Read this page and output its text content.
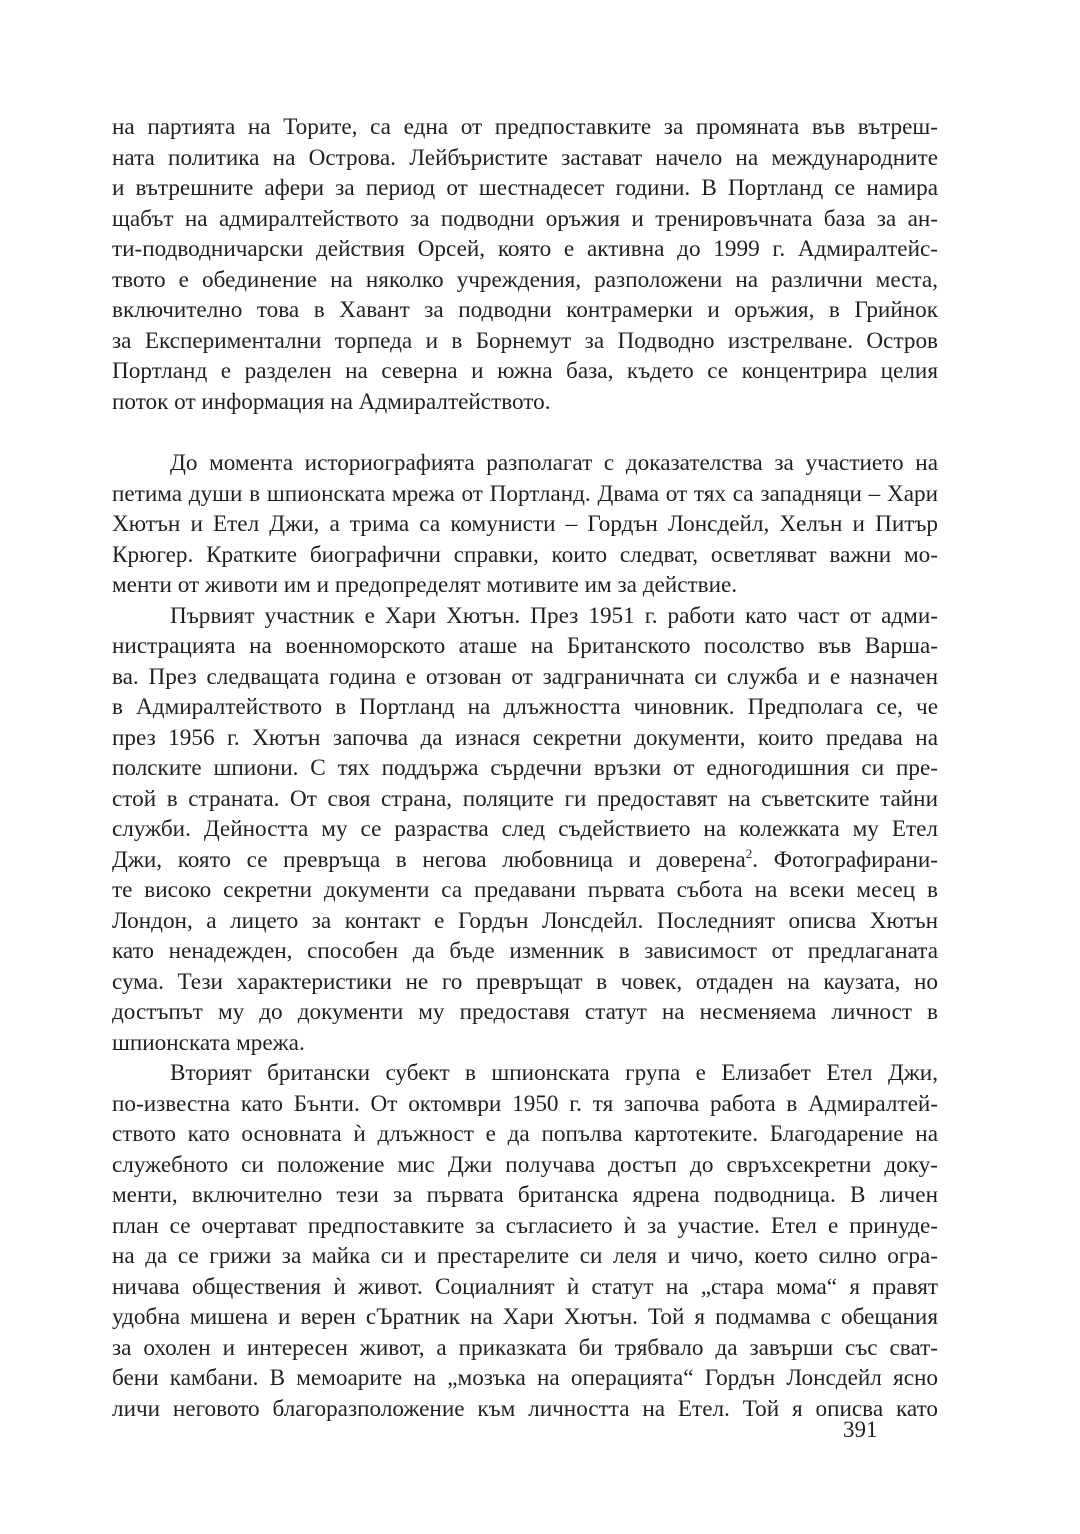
на партията на Торите, са една от предпоставките за промяната във вътреш-
ната политика на Острова. Лейбъристите застават начело на международните
и вътрешните афери за период от шестнадесет години. В Портланд се намира
щабът на адмиралтейството за подводни оръжия и тренировъчната база за ан-
ти-подводничарски действия Орсей, която е активна до 1999 г. Адмиралтейс-
твото е обединение на няколко учреждения, разположени на различни места,
включително това в Хавант за подводни контрамерки и оръжия, в Грийнок
за Експериментални торпеда и в Борнемут за Подводно изстрелване. Остров
Портланд е разделен на северна и южна база, където се концентрира целия
поток от информация на Адмиралтейството.

До момента историографията разполагат с доказателства за участието на
петима души в шпионската мрежа от Портланд. Двама от тях са западняци – Хари
Хютън и Етел Джи, а трима са комунисти – Гордън Лонсдейл, Хелън и Питър
Крюгер. Кратките биографични справки, които следват, осветляват важни мо-
менти от животи им и предопределят мотивите им за действие.

Първият участник е Хари Хютън. През 1951 г. работи като част от адми-
нистрацията на военноморското аташе на Британското посолство във Варша-
ва. През следващата година е отзован от задграничната си служба и е назначен
в Адмиралтейството в Портланд на длъжността чиновник. Предполага се, че
през 1956 г. Хютън започва да изнася секретни документи, които предава на
полските шпиони. С тях поддържа сърдечни връзки от едногодишния си пре-
стой в страната. От своя страна, поляците ги предоставят на съветските тайни
служби. Дейността му се разраства след съдействието на колежката му Етел
Джи, която се превръща в негова любовница и доверена$^2$. Фотографирани-
те високо секретни документи са предавани първата събота на всеки месец в
Лондон, а лицето за контакт е Гордън Лонсдейл. Последният описва Хютън
като ненадежден, способен да бъде изменник в зависимост от предлаганата
сума. Тези характеристики не го превръщат в човек, отдаден на каузата, но
достъпът му до документи му предоставя статут на несменяема личност в
шпионската мрежа.

Вторият британски субект в шпионската група е Елизабет Етел Джи,
по-известна като Бънти. От октомври 1950 г. тя започва работа в Адмиралтей-
ството като основната ѝ длъжност е да попълва картотеките. Благодарение на
служебното си положение мис Джи получава достъп до свръхсекретни доку-
менти, включително тези за първата британска ядрена подводница. В личен
план се очертават предпоставките за съгласието ѝ за участие. Етел е принуде-
на да се грижи за майка си и престарелите си леля и чичо, което силно огра-
ничава обществения ѝ живот. Социалният ѝ статут на „стара мома“ я правят
удобна мишена и верен сЪратник на Хари Хютън. Той я подмамва с обещания
за охолен и интересен живот, а приказката би трябвало да завърши със сват-
бени камбани. В мемоарите на „мозъка на операцията“ Гордън Лонсдейл ясно
личи неговото благоразположение към личността на Етел. Той я описва като

391
